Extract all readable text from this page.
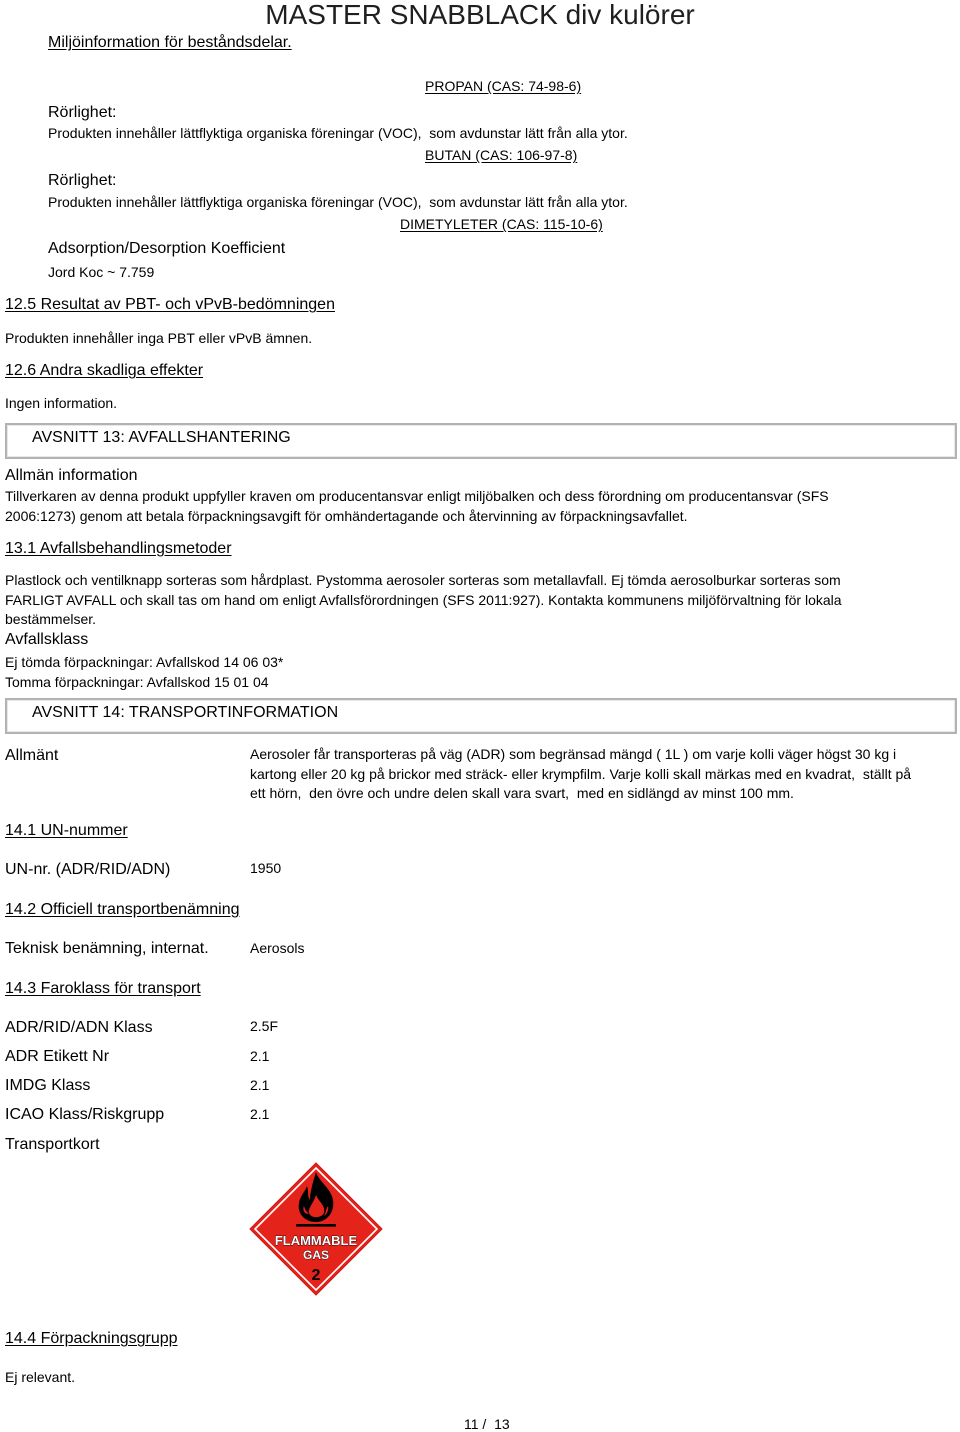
MASTER SNABBLACK div kulörer
Miljöinformation för beståndsdelar.
PROPAN (CAS: 74-98-6)
Rörlighet:
Produkten innehåller lättflyktiga organiska föreningar (VOC),  som avdunstar lätt från alla ytor.
BUTAN (CAS: 106-97-8)
Rörlighet:
Produkten innehåller lättflyktiga organiska föreningar (VOC),  som avdunstar lätt från alla ytor.
DIMETYLETER (CAS: 115-10-6)
Adsorption/Desorption Koefficient
Jord Koc ~ 7.759
12.5 Resultat av PBT- och vPvB-bedömningen
Produkten innehåller inga PBT eller vPvB ämnen.
12.6 Andra skadliga effekter
Ingen information.
AVSNITT 13: AVFALLSHANTERING
Allmän information
Tillverkaren av denna produkt uppfyller kraven om producentansvar enligt miljöbalken och dess förordning om producentansvar (SFS 2006:1273) genom att betala förpackningsavgift för omhändertagande och återvinning av förpackningsavfallet.
13.1 Avfallsbehandlingsmetoder
Plastlock och ventilknapp sorteras som hårdplast. Pystomma aerosoler sorteras som metallavfall. Ej tömda aerosolburkar sorteras som FARLIGT AVFALL och skall tas om hand om enligt Avfallsförordningen (SFS 2011:927). Kontakta kommunens miljöförvaltning för lokala bestämmelser.
Avfallsklass
Ej tömda förpackningar: Avfallskod 14 06 03*
Tomma förpackningar: Avfallskod 15 01 04
AVSNITT 14: TRANSPORTINFORMATION
Allmänt	Aerosoler får transporteras på väg (ADR) som begränsad mängd ( 1L ) om varje kolli väger högst 30 kg i kartong eller 20 kg på brickor med sträck- eller krympfilm. Varje kolli skall märkas med en kvadrat,  ställt på ett hörn,  den övre och undre delen skall vara svart,  med en sidlängd av minst 100 mm.
14.1 UN-nummer
UN-nr. (ADR/RID/ADN)	1950
14.2 Officiell transportbenämning
Teknisk benämning, internat.	Aerosols
14.3 Faroklass för transport
ADR/RID/ADN Klass	2.5F
ADR Etikett Nr	2.1
IMDG Klass	2.1
ICAO Klass/Riskgrupp	2.1
Transportkort
FLAMMABLE
GAS
2
14.4 Förpackningsgrupp
Ej relevant.
11 /  13
